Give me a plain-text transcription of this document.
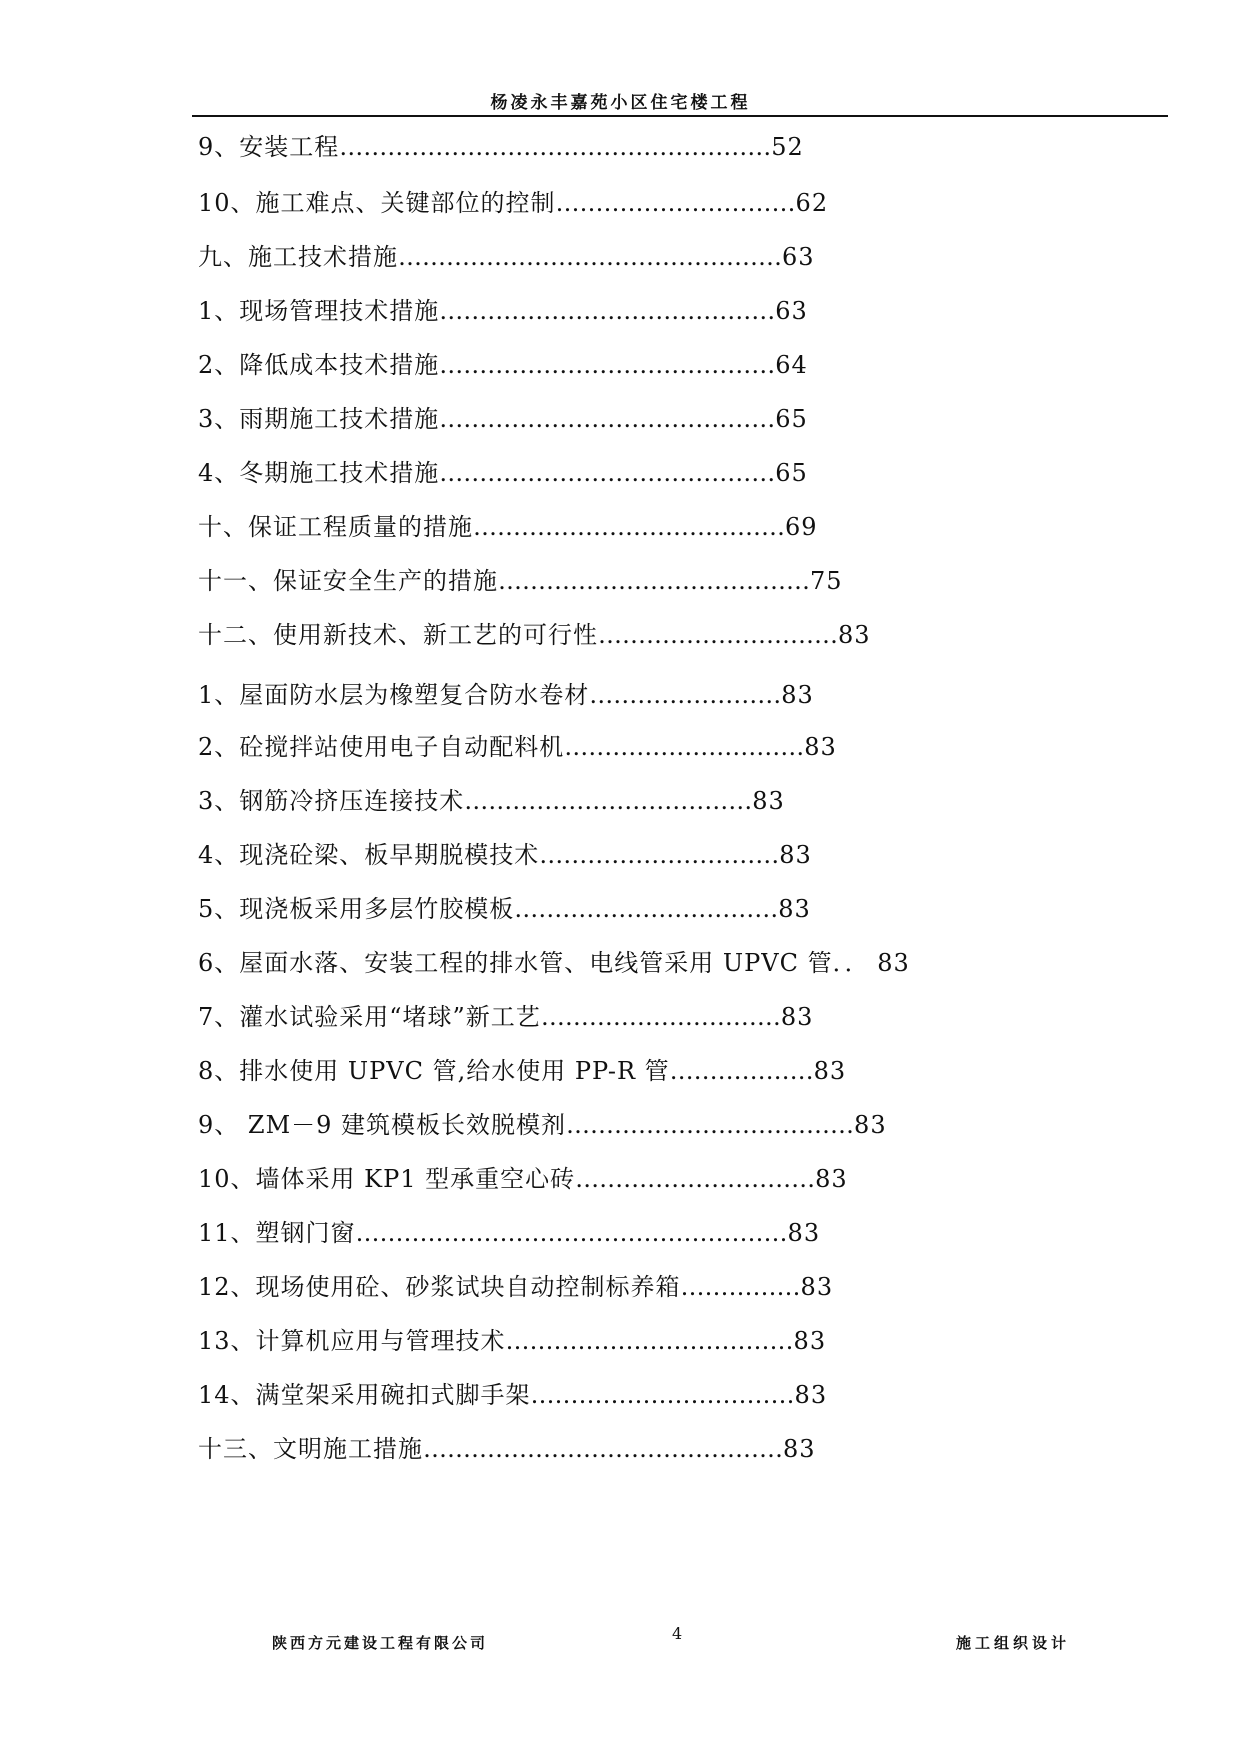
杨凌永丰嘉苑小区住宅楼工程
9、安装工程………………………………………………52
10、施工难点、关键部位的控制…………………………62
九、施工技术措施…………………………………………63
1、现场管理技术措施……………………………………63
2、降低成本技术措施……………………………………64
3、雨期施工技术措施……………………………………65
4、冬期施工技术措施……………………………………65
十、保证工程质量的措施…………………………………69
十一、保证安全生产的措施…………………………………75
十二、使用新技术、新工艺的可行性…………………………83
1、屋面防水层为橡塑复合防水卷材……………………83
2、砼搅拌站使用电子自动配料机…………………………83
3、钢筋冷挤压连接技术………………………………83
4、现浇砼梁、板早期脱模技术…………………………83
5、现浇板采用多层竹胶模板……………………………83
6、屋面水落、安装工程的排水管、电线管采用 UPVC 管．． 83
7、灌水试验采用“堵球”新工艺…………………………83
8、排水使用 UPVC 管,给水使用 PP-R 管………………83
9、 ZM－9 建筑模板长效脱模剂………………………………83
10、墙体采用 KP1 型承重空心砖…………………………83
11、塑钢门窗………………………………………………83
12、现场使用砼、砂浆试块自动控制标养箱……………83
13、计算机应用与管理技术………………………………83
14、满堂架采用碗扣式脚手架……………………………83
十三、文明施工措施………………………………………83
陕西方元建设工程有限公司	4	施工组织设计
